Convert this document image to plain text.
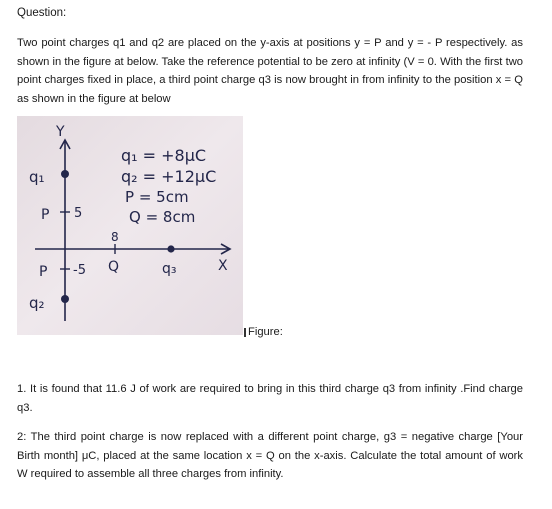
Question:
Two point charges q1 and q2 are placed on the y-axis at positions y = P and y = - P respectively. as shown in the figure at below. Take the reference potential to be zero at infinity (V = 0. With the first two point charges fixed in place, a third point charge q3 is now brought in from infinity to the position x = Q as shown in the figure at below
Y
X
q₁
P 5
P -5
q₂
8
Q	q₃
q₁ = +8μC
q₂ = +12μC
P = 5cm
Q = 8cm
Figure:
1. It is found that 11.6 J of work are required to bring in this third charge q3 from infinity .Find charge q3.
2: The third point charge is now replaced with a different point charge, g3 = negative charge [Your Birth month] μC, placed at the same location x = Q on the x-axis. Calculate the total amount of work W required to assemble all three charges from infinity.
